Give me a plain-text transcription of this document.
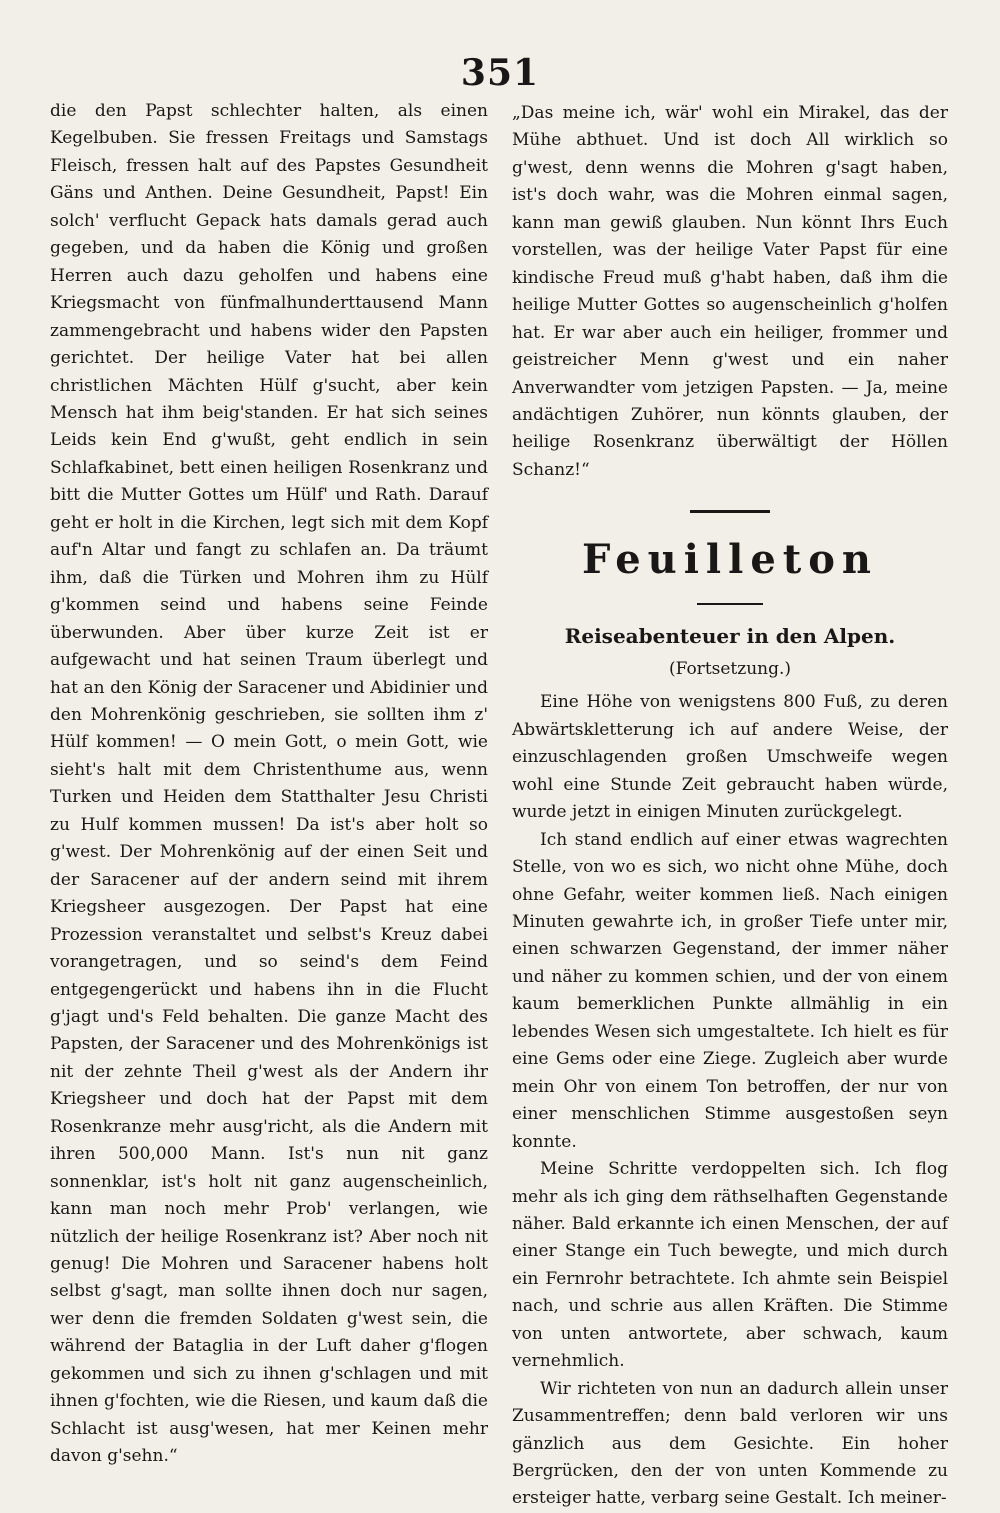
351

die den Papst schlechter halten, als einen Kegelbuben. Sie fressen Freitags und Samstags Fleisch, fressen halt auf des Papstes Gesundheit Gäns und Anthen. Deine Gesundheit, Papst! Ein solch' verflucht Gepack hats damals gerad auch gegeben, und da haben die König und großen Herren auch dazu geholfen und habens eine Kriegsmacht von fünfmalhunderttausend Mann zammengebracht und habens wider den Papsten gerichtet. Der heilige Vater hat bei allen christlichen Mächten Hülf g'sucht, aber kein Mensch hat ihm beig'standen. Er hat sich seines Leids kein End g'wußt, geht endlich in sein Schlafkabinet, bett einen heiligen Rosenkranz und bitt die Mutter Gottes um Hülf' und Rath. Darauf geht er holt in die Kirchen, legt sich mit dem Kopf auf'n Altar und fangt zu schlafen an. Da träumt ihm, daß die Türken und Mohren ihm zu Hülf g'kommen seind und habens seine Feinde überwunden. Aber über kurze Zeit ist er aufgewacht und hat seinen Traum überlegt und hat an den König der Saracener und Abidinier und den Mohrenkönig geschrieben, sie sollten ihm z' Hülf kommen! — O mein Gott, o mein Gott, wie sieht's halt mit dem Christenthume aus, wenn Turken und Heiden dem Statthalter Jesu Christi zu Hulf kommen mussen! Da ist's aber holt so g'west. Der Mohrenkönig auf der einen Seit und der Saracener auf der andern seind mit ihrem Kriegsheer ausgezogen. Der Papst hat eine Prozession veranstaltet und selbst's Kreuz dabei vorangetragen, und so seind's dem Feind entgegengerückt und habens ihn in die Flucht g'jagt und's Feld behalten. Die ganze Macht des Papsten, der Saracener und des Mohrenkönigs ist nit der zehnte Theil g'west als der Andern ihr Kriegsheer und doch hat der Papst mit dem Rosenkranze mehr ausg'richt, als die Andern mit ihren 500,000 Mann. Ist's nun nit ganz sonnenklar, ist's holt nit ganz augenscheinlich, kann man noch mehr Prob' verlangen, wie nützlich der heilige Rosenkranz ist? Aber noch nit genug! Die Mohren und Saracener habens holt selbst g'sagt, man sollte ihnen doch nur sagen, wer denn die fremden Soldaten g'west sein, die während der Bataglia in der Luft daher g'flogen gekommen und sich zu ihnen g'schlagen und mit ihnen g'fochten, wie die Riesen, und kaum daß die Schlacht ist ausg'wesen, hat mer Keinen mehr davon g'sehn.“

„Das meine ich, wär' wohl ein Mirakel, das der Mühe abthuet. Und ist doch All wirklich so g'west, denn wenns die Mohren g'sagt haben, ist's doch wahr, was die Mohren einmal sagen, kann man gewiß glauben. Nun könnt Ihrs Euch vorstellen, was der heilige Vater Papst für eine kindische Freud muß g'habt haben, daß ihm die heilige Mutter Gottes so augenscheinlich g'holfen hat. Er war aber auch ein heiliger, frommer und geistreicher Menn g'west und ein naher Anverwandter vom jetzigen Papsten. — Ja, meine andächtigen Zuhörer, nun könnts glauben, der heilige Rosenkranz überwältigt der Höllen Schanz!“

Feuilleton
Reiseabenteuer in den Alpen.
(Fortsetzung.)

Eine Höhe von wenigstens 800 Fuß, zu deren Abwärtskletterung ich auf andere Weise, der einzuschlagenden großen Umschweife wegen wohl eine Stunde Zeit gebraucht haben würde, wurde jetzt in einigen Minuten zurückgelegt.

Ich stand endlich auf einer etwas wagrechten Stelle, von wo es sich, wo nicht ohne Mühe, doch ohne Gefahr, weiter kommen ließ. Nach einigen Minuten gewahrte ich, in großer Tiefe unter mir, einen schwarzen Gegenstand, der immer näher und näher zu kommen schien, und der von einem kaum bemerklichen Punkte allmählig in ein lebendes Wesen sich umgestaltete. Ich hielt es für eine Gems oder eine Ziege. Zugleich aber wurde mein Ohr von einem Ton betroffen, der nur von einer menschlichen Stimme ausgestoßen seyn konnte.

Meine Schritte verdoppelten sich. Ich flog mehr als ich ging dem räthselhaften Gegenstande näher. Bald erkannte ich einen Menschen, der auf einer Stange ein Tuch bewegte, und mich durch ein Fernrohr betrachtete. Ich ahmte sein Beispiel nach, und schrie aus allen Kräften. Die Stimme von unten antwortete, aber schwach, kaum vernehmlich.

Wir richteten von nun an dadurch allein unser Zusammentreffen; denn bald verloren wir uns gänzlich aus dem Gesichte. Ein hoher Bergrücken, den der von unten Kommende zu ersteiger hatte, verbarg seine Gestalt. Ich meiner-
